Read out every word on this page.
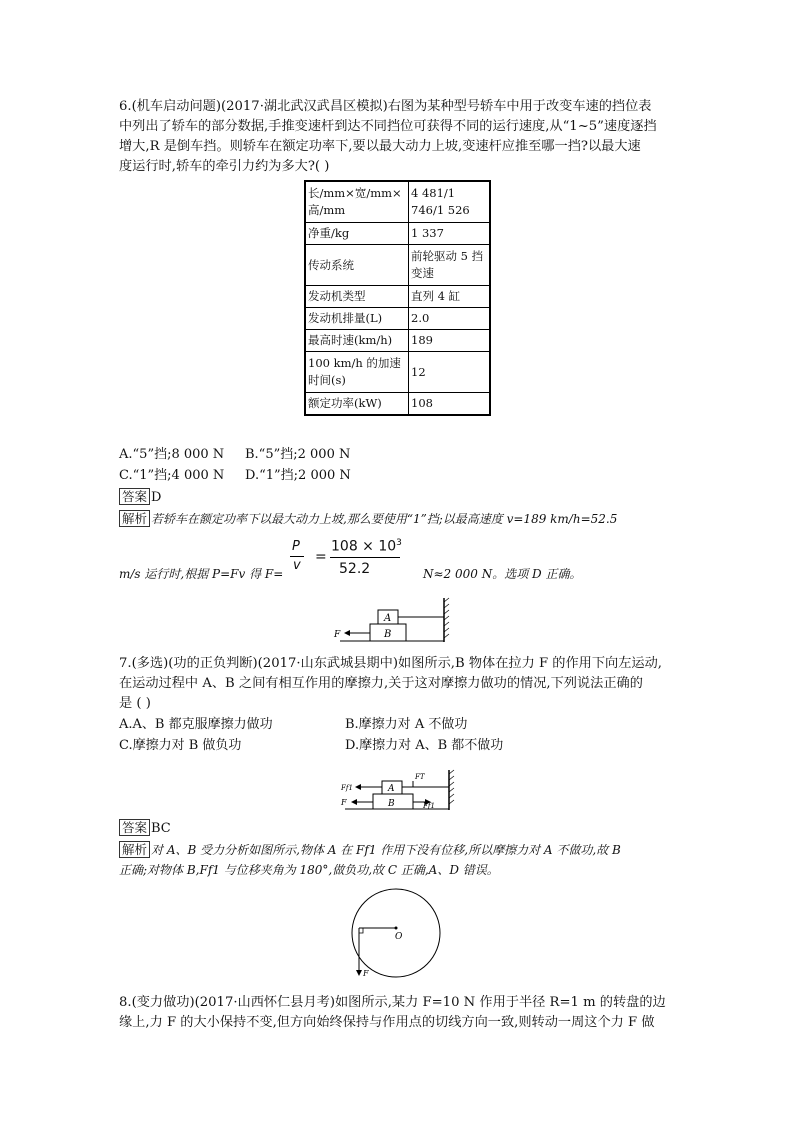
6.(机车启动问题)(2017·湖北武汉武昌区模拟)右图为某种型号轿车中用于改变车速的挡位表
中列出了轿车的部分数据,手推变速杆到达不同挡位可获得不同的运行速度,从“1~5”速度逐挡
增大,R 是倒车挡。则轿车在额定功率下,要以最大动力上坡,变速杆应推至哪一挡?以最大速
度运行时,轿车的牵引力约为多大?( )
长/mm×宽/mm×高/mm	4 481/1 746/1 526
净重/kg	1 337
传动系统	前轮驱动 5 挡变速
发动机类型	直列 4 缸
发动机排量(L)	2.0
最高时速(km/h)	189
100 km/h 的加速时间(s)	12
额定功率(kW)	108
A.“5”挡;8 000 N B.“5”挡;2 000 N
C.“1”挡;4 000 N D.“1”挡;2 000 N
答案 D
解析 若轿车在额定功率下以最大动力上坡,那么要使用“1”挡;以最高速度 v=189 km/h=52.5
m/s 运行时,根据 P=Fv 得 F=
P
v
=
$108 \times 10^3$
52.2	N≈2 000 N。选项 D 正确。
A
B
F
7.(多选)(功的正负判断)(2017·山东武城县期中)如图所示,B 物体在拉力 F 的作用下向左运动,
在运动过程中 A、B 之间有相互作用的摩擦力,关于这对摩擦力做功的情况,下列说法正确的
是 ( )
A.A、B 都克服摩擦力做功	B.摩擦力对 A 不做功
C.摩擦力对 B 做负功	D.摩擦力对 A、B 都不做功
A
B
Ff1
F	Ff1
FT
答案 BC
解析 对 A、B 受力分析如图所示,物体 A 在 Ff1 作用下没有位移,所以摩擦力对 A 不做功,故 B
正确;对物体 B,Ff1 与位移夹角为 180°,做负功,故 C 正确,A、D 错误。
O
F
8.(变力做功)(2017·山西怀仁县月考)如图所示,某力 F=10 N 作用于半径 R=1 m 的转盘的边
缘上,力 F 的大小保持不变,但方向始终保持与作用点的切线方向一致,则转动一周这个力 F 做
